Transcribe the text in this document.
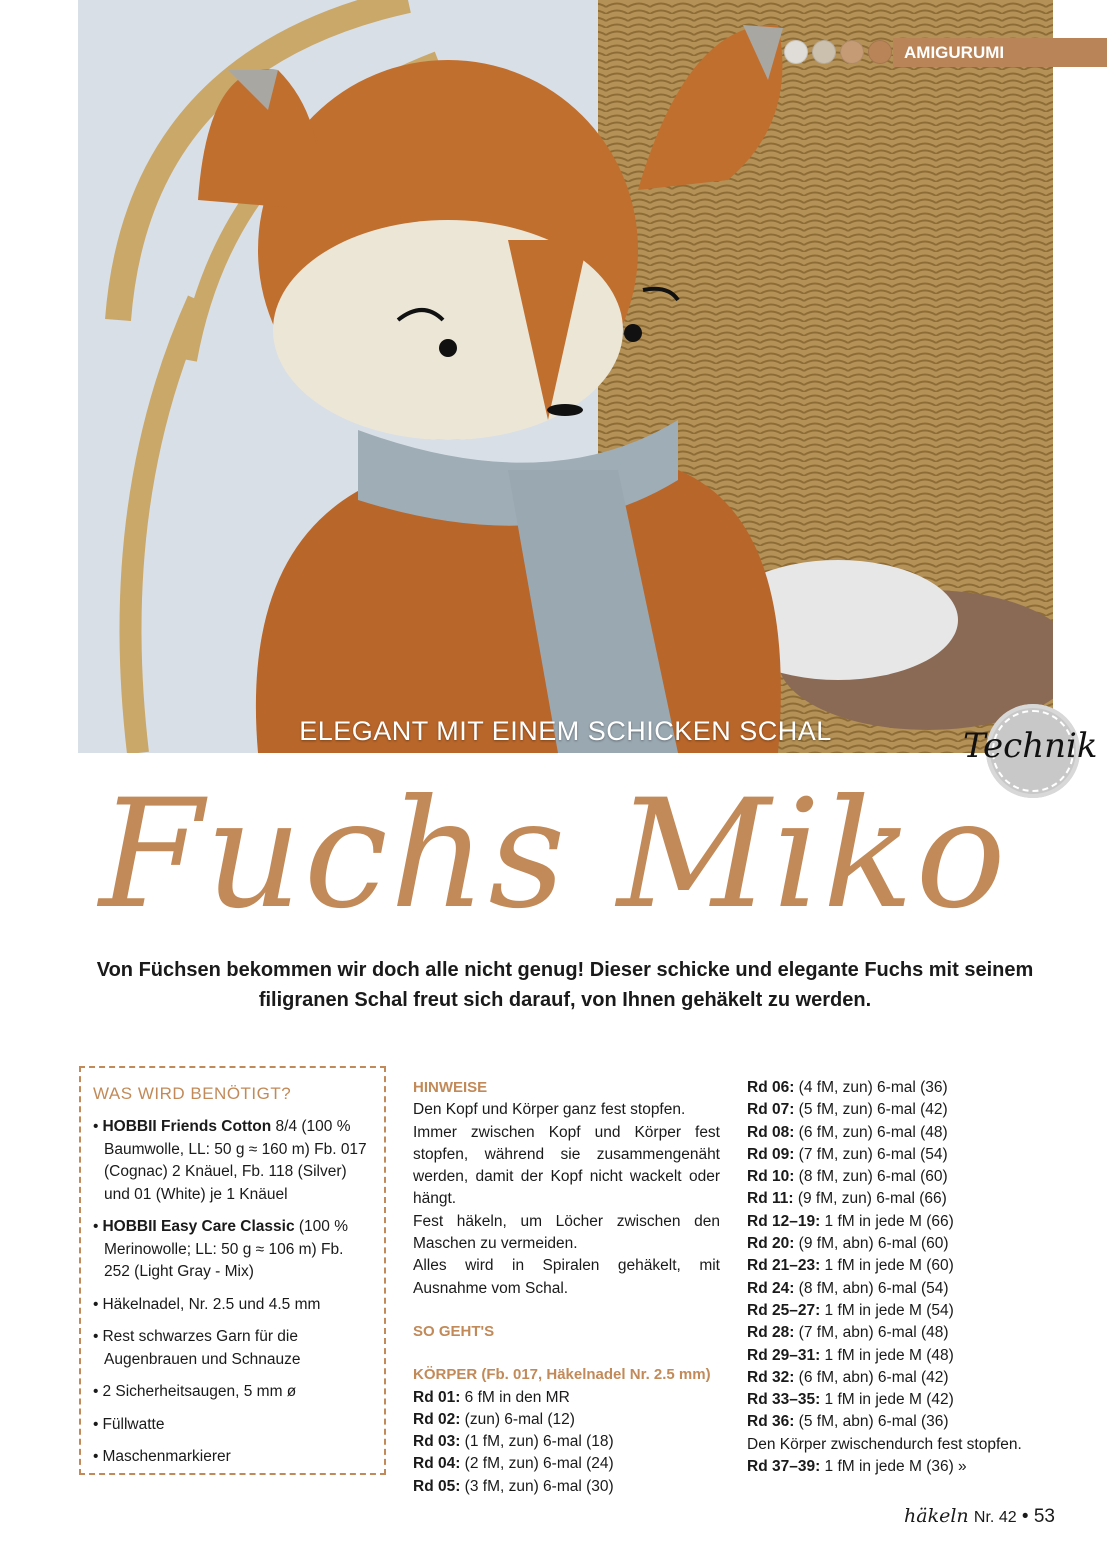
ELEGANT MIT EINEM SCHICKEN SCHAL
AMIGURUMI
Technik
Fuchs Miko
Von Füchsen bekommen wir doch alle nicht genug! Dieser schicke und elegante Fuchs mit seinem filigranen Schal freut sich darauf, von Ihnen gehäkelt zu werden.
WAS WIRD BENÖTIGT?
• HOBBII Friends Cotton 8/4 (100 % Baumwolle, LL: 50 g ≈ 160 m) Fb. 017 (Cognac) 2 Knäuel, Fb. 118 (Silver) und 01 (White) je 1 Knäuel
• HOBBII Easy Care Classic (100 % Merinowolle; LL: 50 g ≈ 106 m) Fb. 252 (Light Gray - Mix)
• Häkelnadel, Nr. 2.5 und 4.5 mm
• Rest schwarzes Garn für die Augenbrauen und Schnauze
• 2 Sicherheitsaugen, 5 mm ø
• Füllwatte
• Maschenmarkierer
HINWEISE

Den Kopf und Körper ganz fest stopfen.

Immer zwischen Kopf und Körper fest stopfen, während sie zusammengenäht werden, damit der Kopf nicht wackelt oder hängt.

Fest häkeln, um Löcher zwischen den Maschen zu vermeiden.

Alles wird in Spiralen gehäkelt, mit Ausnahme vom Schal.

SO GEHT'S
KÖRPER (Fb. 017, Häkelnadel Nr. 2.5 mm)
Rd 01: 6 fM in den MR
Rd 02: (zun) 6-mal (12)
Rd 03: (1 fM, zun) 6-mal (18)
Rd 04: (2 fM, zun) 6-mal (24)
Rd 05: (3 fM, zun) 6-mal (30)
Rd 06: (4 fM, zun) 6-mal (36)
Rd 07: (5 fM, zun) 6-mal (42)
Rd 08: (6 fM, zun) 6-mal (48)
Rd 09: (7 fM, zun) 6-mal (54)
Rd 10: (8 fM, zun) 6-mal (60)
Rd 11: (9 fM, zun) 6-mal (66)
Rd 12–19: 1 fM in jede M (66)
Rd 20: (9 fM, abn) 6-mal (60)
Rd 21–23: 1 fM in jede M (60)
Rd 24: (8 fM, abn) 6-mal (54)
Rd 25–27: 1 fM in jede M (54)
Rd 28: (7 fM, abn) 6-mal (48)
Rd 29–31: 1 fM in jede M (48)
Rd 32: (6 fM, abn) 6-mal (42)
Rd 33–35: 1 fM in jede M (42)
Rd 36: (5 fM, abn) 6-mal (36)
Den Körper zwischendurch fest stopfen.
Rd 37–39: 1 fM in jede M (36) »
häkeln Nr. 42 • 53
